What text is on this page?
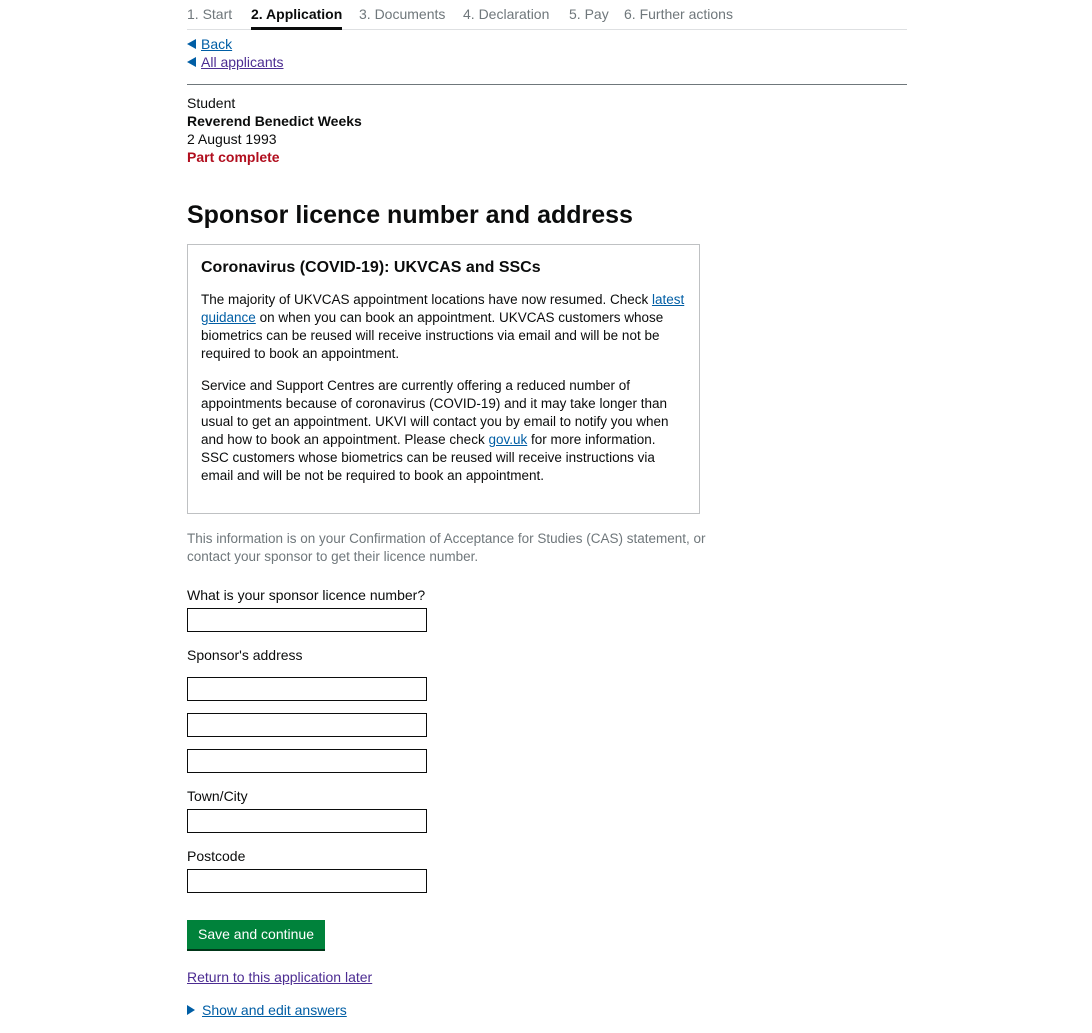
1. Start 2. Application 3. Documents 4. Declaration 5. Pay 6. Further actions
Back
All applicants
Student
Reverend Benedict Weeks
2 August 1993
Part complete
Sponsor licence number and address
Coronavirus (COVID-19): UKVCAS and SSCs

The majority of UKVCAS appointment locations have now resumed. Check latest guidance on when you can book an appointment. UKVCAS customers whose biometrics can be reused will receive instructions via email and will be not be required to book an appointment.

Service and Support Centres are currently offering a reduced number of appointments because of coronavirus (COVID-19) and it may take longer than usual to get an appointment. UKVI will contact you by email to notify you when and how to book an appointment. Please check gov.uk for more information. SSC customers whose biometrics can be reused will receive instructions via email and will be not be required to book an appointment.

This information is on your Confirmation of Acceptance for Studies (CAS) statement, or contact your sponsor to get their licence number.
What is your sponsor licence number?
Sponsor's address
Town/City
Postcode
Save and continue
Return to this application later
Show and edit answers
